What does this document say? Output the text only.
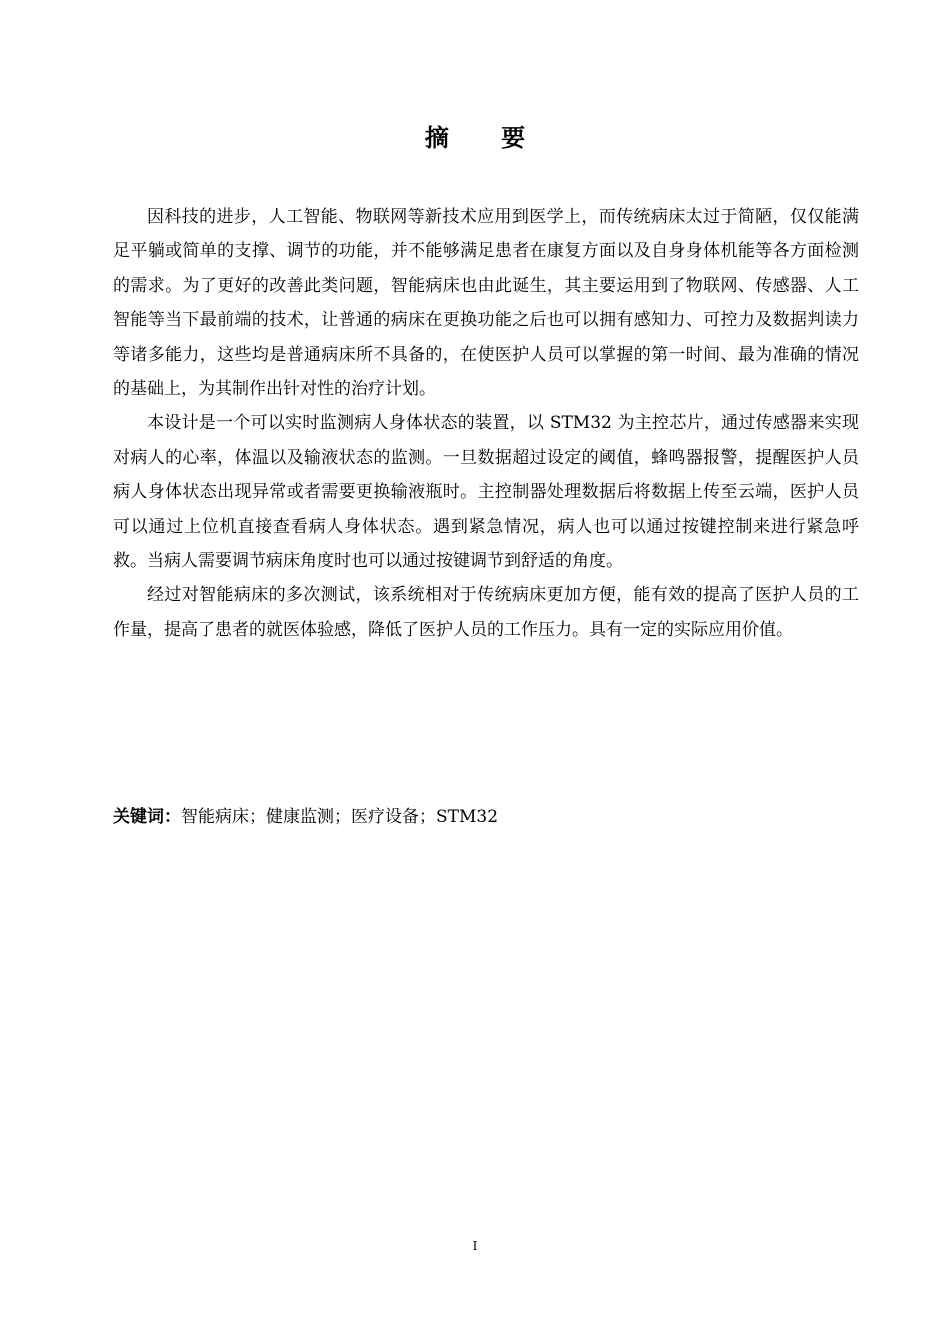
摘 要

因科技的进步，人工智能、物联网等新技术应用到医学上，而传统病床太过于简陋，仅仅能满足平躺或简单的支撑、调节的功能，并不能够满足患者在康复方面以及自身身体机能等各方面检测的需求。为了更好的改善此类问题，智能病床也由此诞生，其主要运用到了物联网、传感器、人工智能等当下最前端的技术，让普通的病床在更换功能之后也可以拥有感知力、可控力及数据判读力等诸多能力，这些均是普通病床所不具备的，在使医护人员可以掌握的第一时间、最为准确的情况的基础上，为其制作出针对性的治疗计划。

本设计是一个可以实时监测病人身体状态的装置，以 STM32 为主控芯片，通过传感器来实现对病人的心率，体温以及输液状态的监测。一旦数据超过设定的阈值，蜂鸣器报警，提醒医护人员病人身体状态出现异常或者需要更换输液瓶时。主控制器处理数据后将数据上传至云端，医护人员可以通过上位机直接查看病人身体状态。遇到紧急情况，病人也可以通过按键控制来进行紧急呼救。当病人需要调节病床角度时也可以通过按键调节到舒适的角度。

经过对智能病床的多次测试，该系统相对于传统病床更加方便，能有效的提高了医护人员的工作量，提高了患者的就医体验感，降低了医护人员的工作压力。具有一定的实际应用价值。

关键词：智能病床；健康监测；医疗设备；STM32

I
